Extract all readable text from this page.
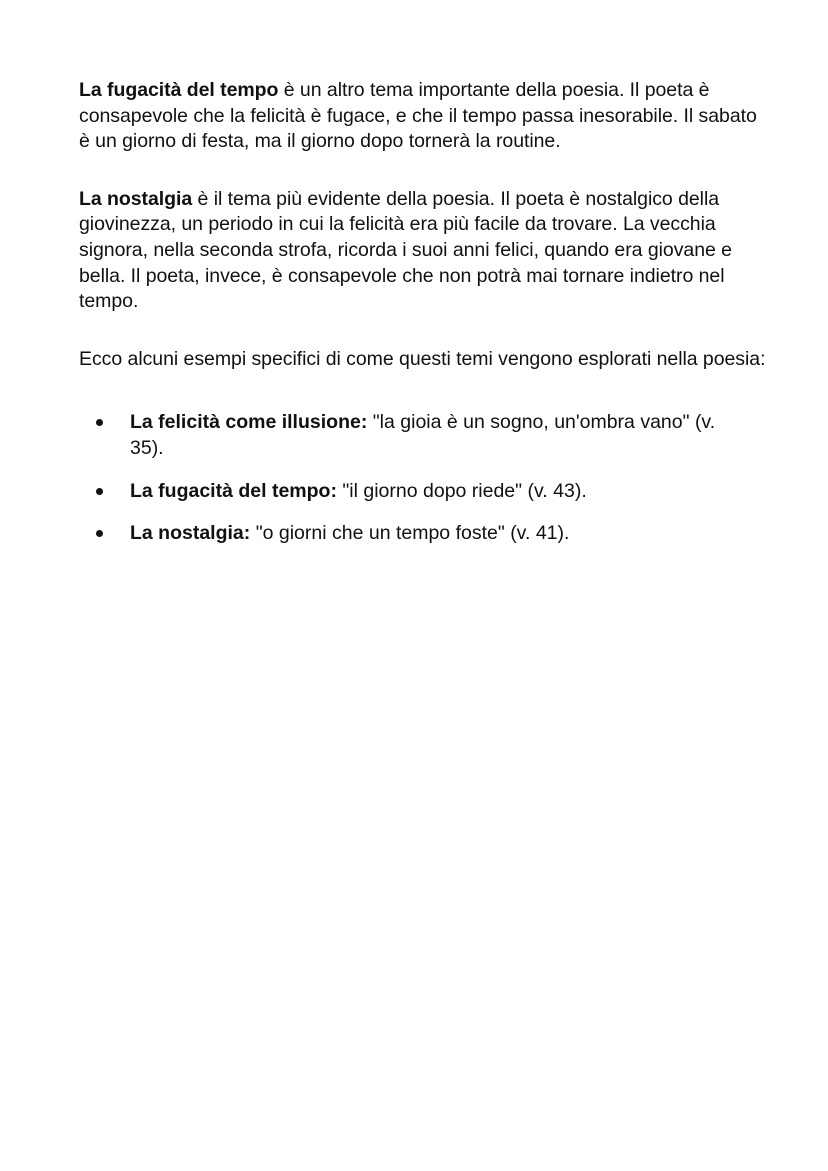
La fugacità del tempo è un altro tema importante della poesia. Il poeta è consapevole che la felicità è fugace, e che il tempo passa inesorabile. Il sabato è un giorno di festa, ma il giorno dopo tornerà la routine.

La nostalgia è il tema più evidente della poesia. Il poeta è nostalgico della giovinezza, un periodo in cui la felicità era più facile da trovare. La vecchia signora, nella seconda strofa, ricorda i suoi anni felici, quando era giovane e bella. Il poeta, invece, è consapevole che non potrà mai tornare indietro nel tempo.

Ecco alcuni esempi specifici di come questi temi vengono esplorati nella poesia:

La felicità come illusione: "la gioia è un sogno, un'ombra vano" (v. 35).
La fugacità del tempo: "il giorno dopo riede" (v. 43).
La nostalgia: "o giorni che un tempo foste" (v. 41).
